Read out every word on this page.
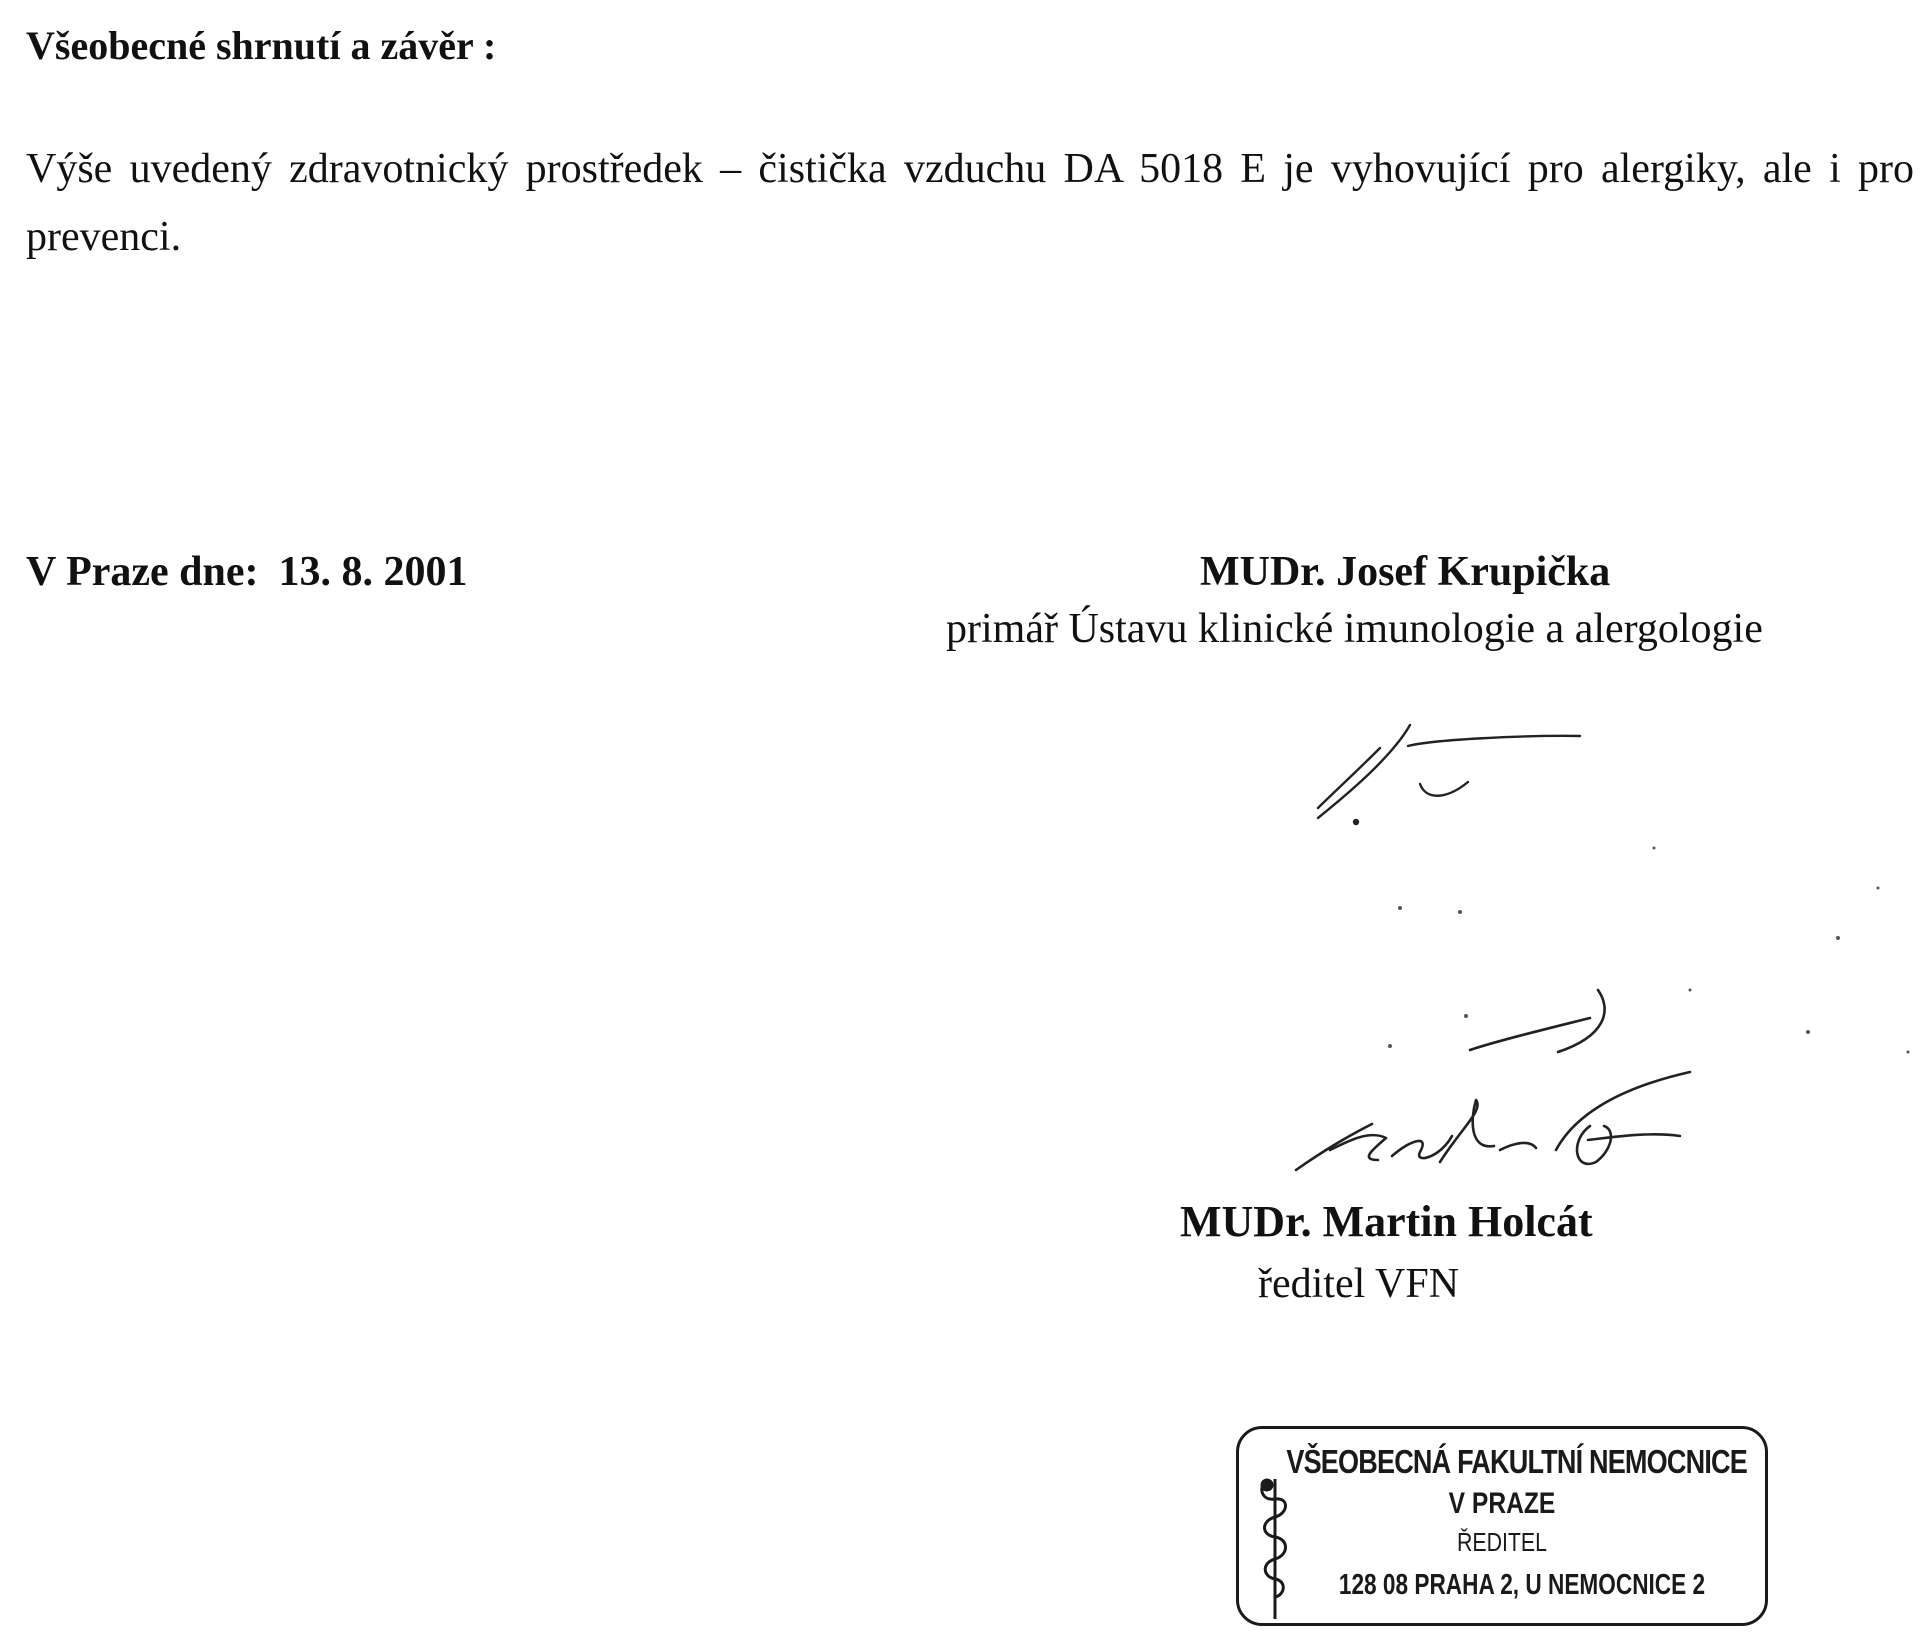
Všeobecné shrnutí a závěr :

Výše uvedený zdravotnický prostředek – čistička vzduchu DA 5018 E je vyhovující pro alergiky, ale i pro prevenci.

V Praze dne: 13. 8. 2001	MUDr. Josef Krupička
primář Ústavu klinické imunologie a alergologie
MUDr. Martin Holcát
ředitel VFN
VŠEOBECNÁ FAKULTNÍ NEMOCNICE
V PRAZE
ŘEDITEL
128 08 PRAHA 2, U NEMOCNICE 2
